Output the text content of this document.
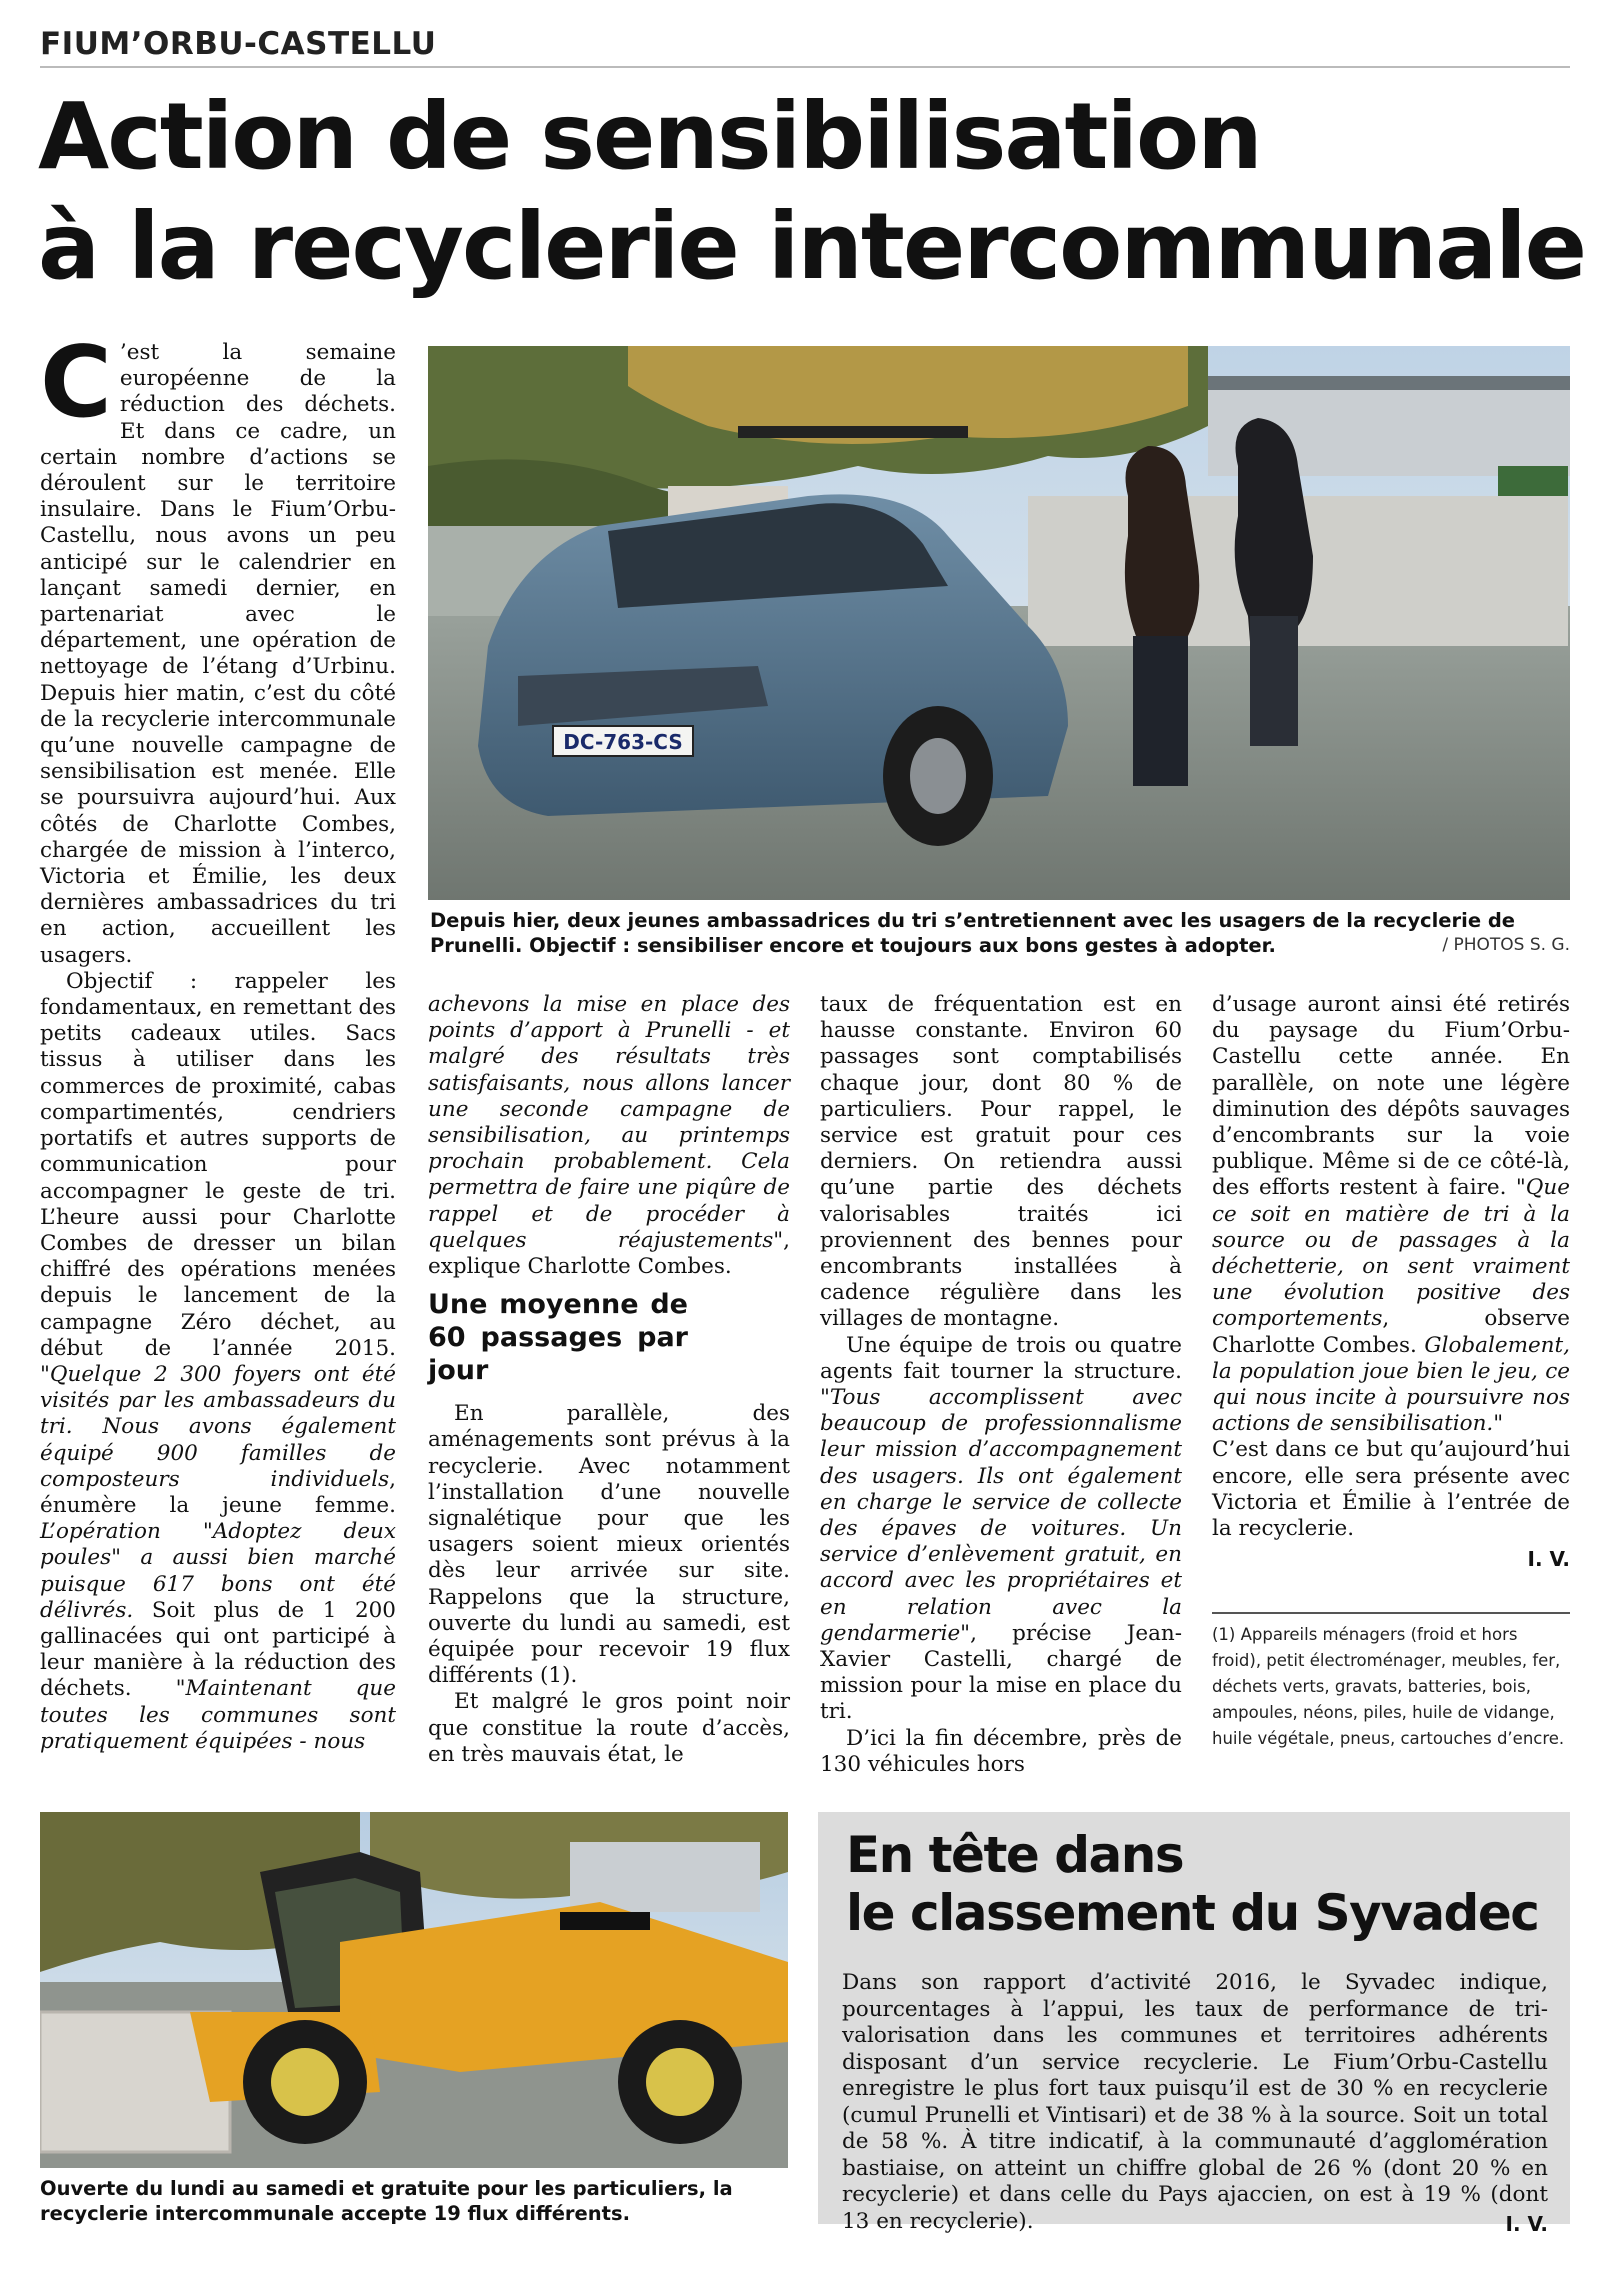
FIUM’ORBU-CASTELLU
Action de sensibilisation
à la recyclerie intercommunale

C ’est la semaine européenne de la réduction des déchets. Et dans ce cadre, un certain nombre d’actions se déroulent sur le territoire insulaire. Dans le Fium’Orbu-Castellu, nous avons un peu anticipé sur le calendrier en lançant samedi dernier, en partenariat avec le département, une opération de nettoyage de l’étang d’Urbinu. Depuis hier matin, c’est du côté de la recyclerie intercommunale qu’une nouvelle campagne de sensibilisation est menée. Elle se poursuivra aujourd’hui. Aux côtés de Charlotte Combes, chargée de mission à l’interco, Victoria et Émilie, les deux dernières ambassadrices du tri en action, accueillent les usagers.

Objectif : rappeler les fondamentaux, en remettant des petits cadeaux utiles. Sacs tissus à utiliser dans les commerces de proximité, cabas compartimentés, cendriers portatifs et autres supports de communication pour accompagner le geste de tri. L’heure aussi pour Charlotte Combes de dresser un bilan chiffré des opérations menées depuis le lancement de la campagne Zéro déchet, au début de l’année 2015. "Quelque 2 300 foyers ont été visités par les ambassadeurs du tri. Nous avons également équipé 900 familles de composteurs individuels, énumère la jeune femme. L’opération "Adoptez deux poules" a aussi bien marché puisque 617 bons ont été délivrés. Soit plus de 1 200 gallinacées qui ont participé à leur manière à la réduction des déchets. "Maintenant que toutes les communes sont pratiquement équipées - nous

DC-763-CS
Depuis hier, deux jeunes ambassadrices du tri s’entretiennent avec les usagers de la recyclerie de Prunelli. Objectif : sensibiliser encore et toujours aux bons gestes à adopter.	/ PHOTOS S. G.

achevons la mise en place des points d’apport à Prunelli - et malgré des résultats très satisfaisants, nous allons lancer une seconde campagne de sensibilisation, au printemps prochain probablement. Cela permettra de faire une piqûre de rappel et de procéder à quelques réajustements", explique Charlotte Combes.

Une moyenne de 60 passages par jour

En parallèle, des aménagements sont prévus à la recyclerie. Avec notamment l’installation d’une nouvelle signalétique pour que les usagers soient mieux orientés dès leur arrivée sur site. Rappelons que la structure, ouverte du lundi au samedi, est équipée pour recevoir 19 flux différents (1).

Et malgré le gros point noir que constitue la route d’accès, en très mauvais état, le

taux de fréquentation est en hausse constante. Environ 60 passages sont comptabilisés chaque jour, dont 80 % de particuliers. Pour rappel, le service est gratuit pour ces derniers. On retiendra aussi qu’une partie des déchets valorisables traités ici proviennent des bennes pour encombrants installées à cadence régulière dans les villages de montagne.

Une équipe de trois ou quatre agents fait tourner la structure. "Tous accomplissent avec beaucoup de professionnalisme leur mission d’accompagnement des usagers. Ils ont également en charge le service de collecte des épaves de voitures. Un service d’enlèvement gratuit, en accord avec les propriétaires et en relation avec la gendarmerie", précise Jean-Xavier Castelli, chargé de mission pour la mise en place du tri.

D’ici la fin décembre, près de 130 véhicules hors

d’usage auront ainsi été retirés du paysage du Fium’Orbu-Castellu cette année. En parallèle, on note une légère diminution des dépôts sauvages d’encombrants sur la voie publique. Même si de ce côté-là, des efforts restent à faire. "Que ce soit en matière de tri à la source ou de passages à la déchetterie, on sent vraiment une évolution positive des comportements, observe Charlotte Combes. Globalement, la population joue bien le jeu, ce qui nous incite à poursuivre nos actions de sensibilisation."

C’est dans ce but qu’aujourd’hui encore, elle sera présente avec Victoria et Émilie à l’entrée de la recyclerie.

I. V.
(1) Appareils ménagers (froid et hors froid), petit électroménager, meubles, fer, déchets verts, gravats, batteries, bois, ampoules, néons, piles, huile de vidange, huile végétale, pneus, cartouches d’encre.
Ouverte du lundi au samedi et gratuite pour les particuliers, la recyclerie intercommunale accepte 19 flux différents.
En tête dans
le classement du Syvadec
Dans son rapport d’activité 2016, le Syvadec indique, pourcentages à l’appui, les taux de performance de tri-valorisation dans les communes et territoires adhérents disposant d’un service recyclerie. Le Fium’Orbu-Castellu enregistre le plus fort taux puisqu’il est de 30 % en recyclerie (cumul Prunelli et Vintisari) et de 38 % à la source. Soit un total de 58 %. À titre indicatif, à la communauté d’agglomération bastiaise, on atteint un chiffre global de 26 % (dont 20 % en recyclerie) et dans celle du Pays ajaccien, on est à 19 % (dont 13 en recyclerie).	I. V.
